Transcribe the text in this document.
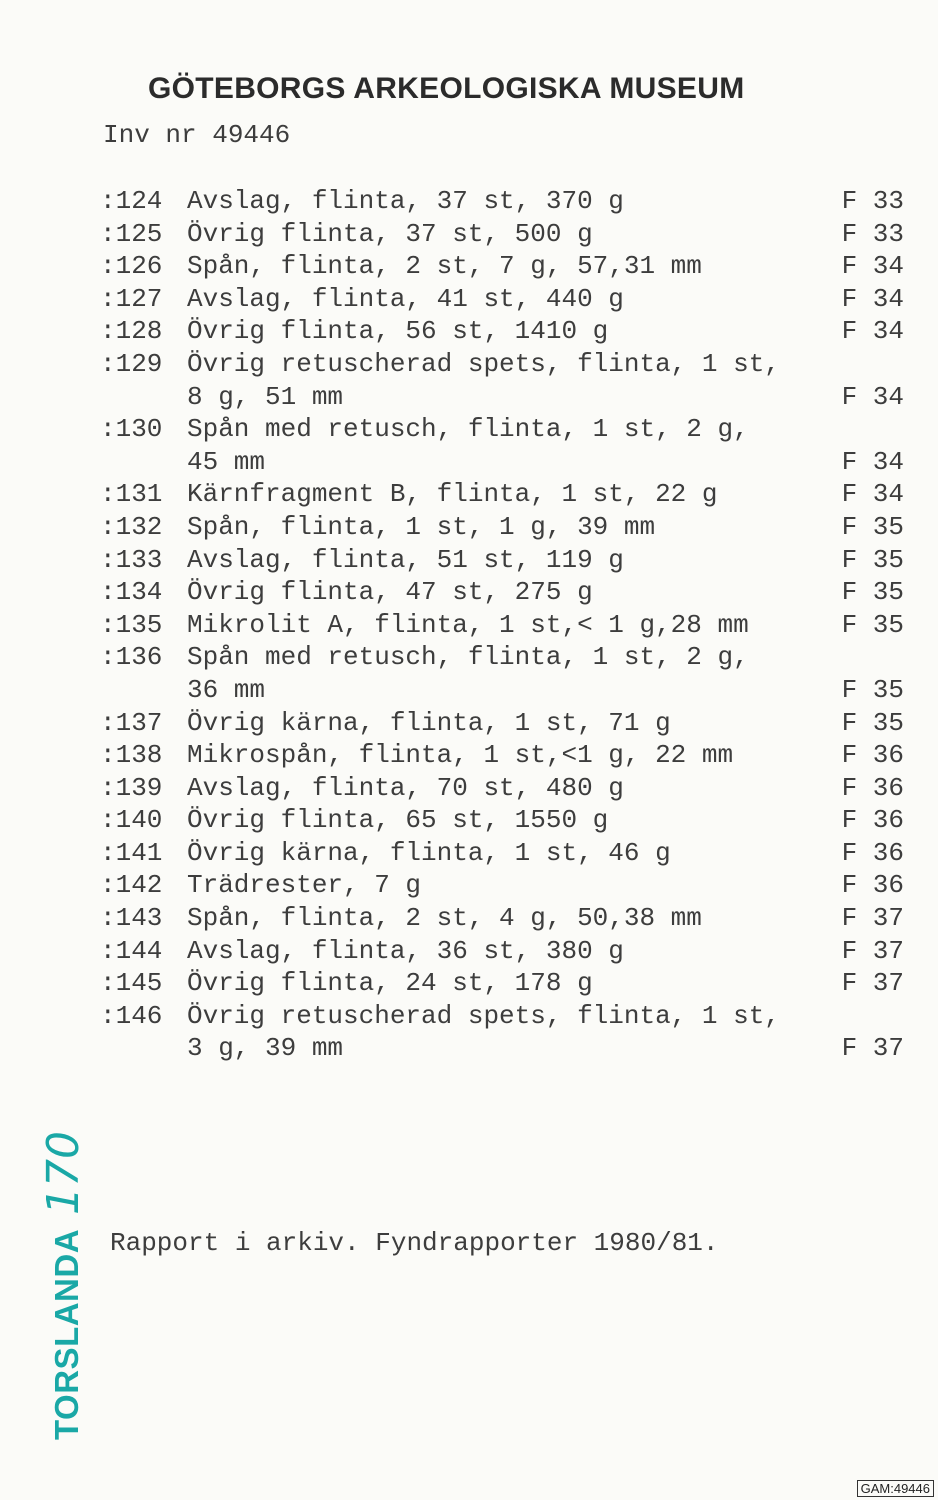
GÖTEBORGS ARKEOLOGISKA MUSEUM
Inv nr 49446
:124 Avslag, flinta, 37 st, 370 g	F 33
:125 Övrig flinta, 37 st, 500 g	F 33
:126 Spån, flinta, 2 st, 7 g, 57,31 mm	F 34
:127 Avslag, flinta, 41 st, 440 g	F 34
:128 Övrig flinta, 56 st, 1410 g	F 34
:129 Övrig retuscherad spets, flinta, 1 st,
8 g, 51 mm	F 34
:130 Spån med retusch, flinta, 1 st, 2 g,
45 mm	F 34
:131 Kärnfragment B, flinta, 1 st, 22 g	F 34
:132 Spån, flinta, 1 st, 1 g, 39 mm	F 35
:133 Avslag, flinta, 51 st, 119 g	F 35
:134 Övrig flinta, 47 st, 275 g	F 35
:135 Mikrolit A, flinta, 1 st,< 1 g,28 mm	F 35
:136 Spån med retusch, flinta, 1 st, 2 g,
36 mm	F 35
:137 Övrig kärna, flinta, 1 st, 71 g	F 35
:138 Mikrospån, flinta, 1 st,<1 g, 22 mm	F 36
:139 Avslag, flinta, 70 st, 480 g	F 36
:140 Övrig flinta, 65 st, 1550 g	F 36
:141 Övrig kärna, flinta, 1 st, 46 g	F 36
:142 Trädrester, 7 g	F 36
:143 Spån, flinta, 2 st, 4 g, 50,38 mm	F 37
:144 Avslag, flinta, 36 st, 380 g	F 37
:145 Övrig flinta, 24 st, 178 g	F 37
:146 Övrig retuscherad spets, flinta, 1 st,
3 g, 39 mm	F 37
Rapport i arkiv. Fyndrapporter 1980/81.
TORSLANDA170
GAM:49446
